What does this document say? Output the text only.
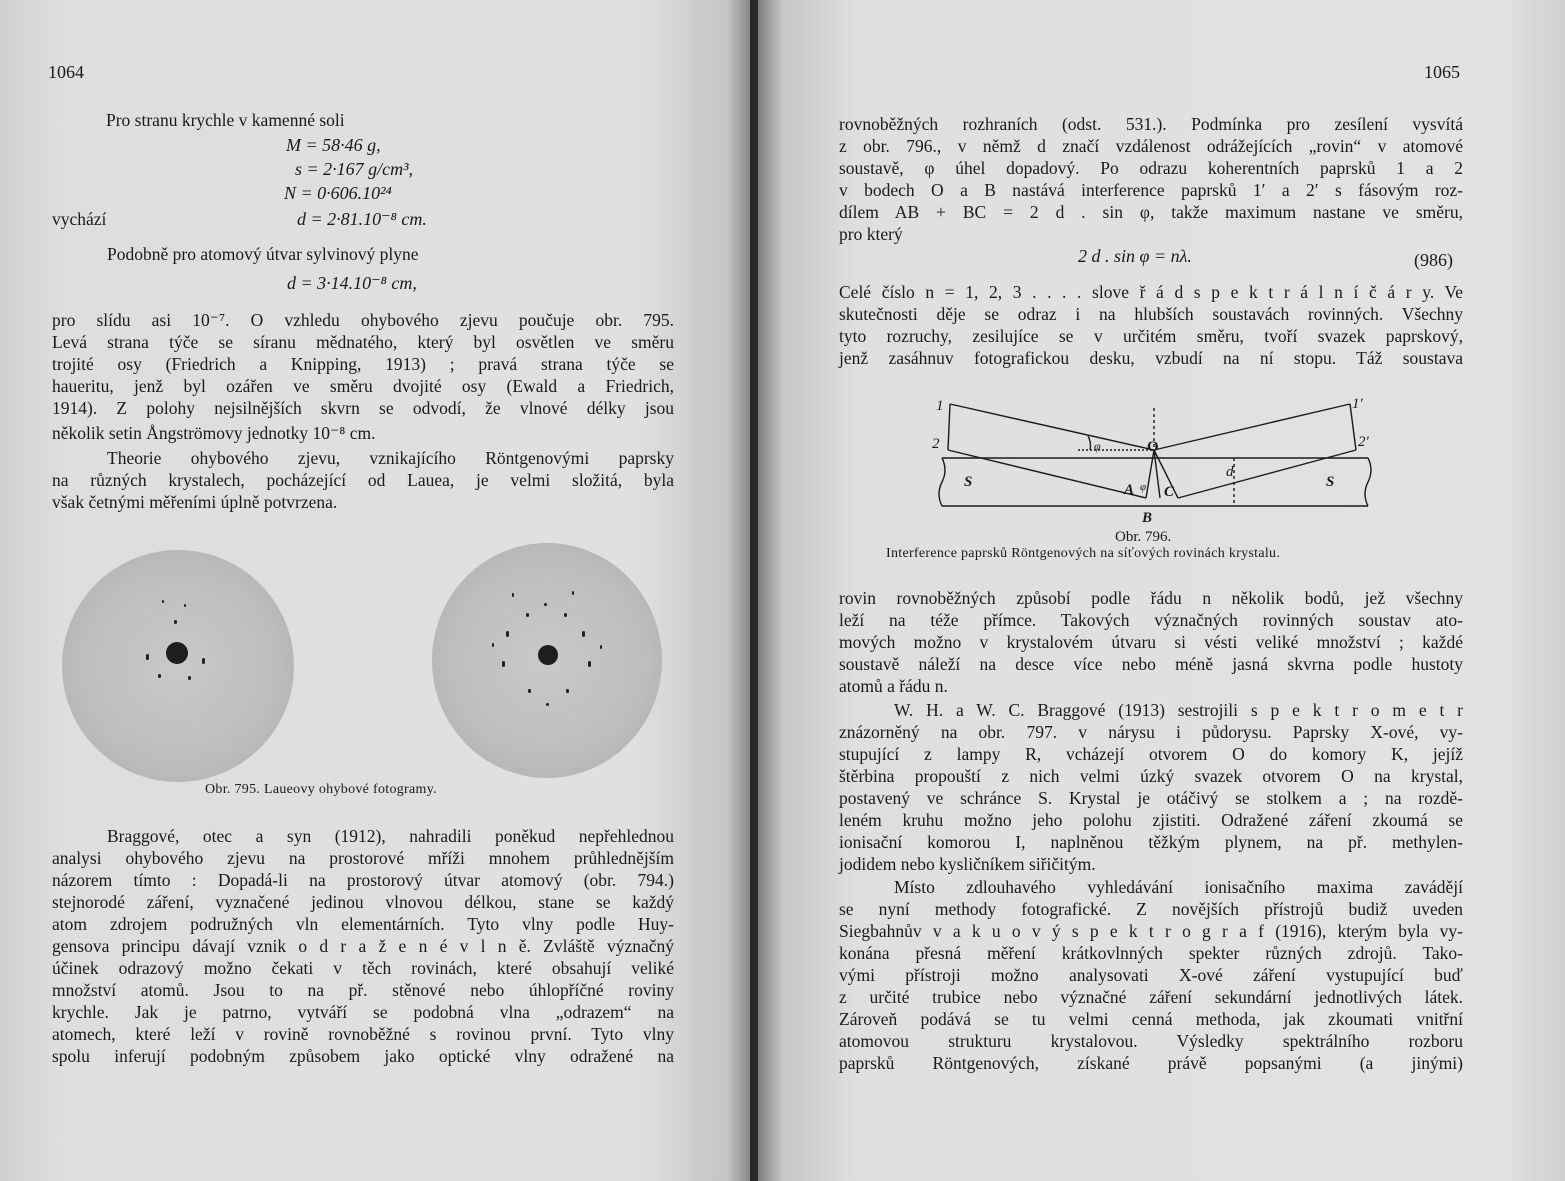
1064
Pro stranu krychle v kamenné soli
M = 58·46 g,
s = 2·167 g/cm³,
N = 0·606.10²⁴
vychází	d = 2·81.10⁻⁸ cm.
Podobně pro atomový útvar sylvinový plyne
d = 3·14.10⁻⁸ cm,
pro slídu asi 10⁻⁷. O vzhledu ohybového zjevu poučuje obr. 795.
Levá strana týče se síranu mědnatého, který byl osvětlen ve směru
trojité osy (Friedrich a Knipping, 1913) ; pravá strana týče se
haueritu, jenž byl ozářen ve směru dvojité osy (Ewald a Friedrich,
1914). Z polohy nejsilnějších skvrn se odvodí, že vlnové délky jsou
několik setin Ångströmovy jednotky 10⁻⁸ cm.
Theorie ohybového zjevu, vznikajícího Röntgenovými paprsky
na různých krystalech, pocházející od Lauea, je velmi složitá, byla
však četnými měřeními úplně potvrzena.
Obr. 795. Laueovy ohybové fotogramy.
Braggové, otec a syn (1912), nahradili poněkud nepřehlednou
analysi ohybového zjevu na prostorové mříži mnohem průhlednějším
názorem tímto : Dopadá-li na prostorový útvar atomový (obr. 794.)
stejnorodé záření, vyznačené jedinou vlnovou délkou, stane se každý
atom zdrojem podružných vln elementárních. Tyto vlny podle Huy-
gensova principu dávají vznik o d r a ž e n é v l n ě. Zvláště význačný
účinek odrazový možno čekati v těch rovinách, které obsahují veliké
množství atomů. Jsou to na př. stěnové nebo úhlopříčné roviny
krychle. Jak je patrno, vytváří se podobná vlna „odrazem“ na
atomech, které leží v rovině rovnoběžné s rovinou první. Tyto vlny
spolu inferují podobným způsobem jako optické vlny odražené na
1065
rovnoběžných rozhraních (odst. 531.). Podmínka pro zesílení vysvítá
z obr. 796., v němž d značí vzdálenost odrážejících „rovin“ v atomové
soustavě, φ úhel dopadový. Po odrazu koherentních paprsků 1 a 2
v bodech O a B nastává interference paprsků 1′ a 2′ s fásovým roz-
dílem AB + BC = 2 d . sin φ, takže maximum nastane ve směru,
pro který
2 d . sin φ = nλ.	(986)
Celé číslo n = 1, 2, 3 . . . . slove ř á d s p e k t r á l n í č á r y. Ve
skutečnosti děje se odraz i na hlubších soustavách rovinných. Všechny
tyto rozruchy, zesilujíce se v určitém směru, tvoří svazek paprskový,
jenž zasáhnuv fotografickou desku, vzbudí na ní stopu. Táž soustava
1
2
1′
2′
O
φ
d
S	S
A φ C
B
Obr. 796.
Interference paprsků Röntgenových na síťových rovinách krystalu.
rovin rovnoběžných způsobí podle řádu n několik bodů, jež všechny
leží na téže přímce. Takových význačných rovinných soustav ato-
mových možno v krystalovém útvaru si vésti veliké množství ; každé
soustavě náleží na desce více nebo méně jasná skvrna podle hustoty
atomů a řádu n.
W. H. a W. C. Braggové (1913) sestrojili s p e k t r o m e t r
znázorněný na obr. 797. v nárysu i půdorysu. Paprsky X-ové, vy-
stupující z lampy R, vcházejí otvorem O do komory K, jejíž
štěrbina propouští z nich velmi úzký svazek otvorem O na krystal,
postavený ve schránce S. Krystal je otáčivý se stolkem a ; na rozdě-
leném kruhu možno jeho polohu zjistiti. Odražené záření zkoumá se
ionisační komorou I, naplněnou těžkým plynem, na př. methylen-
jodidem nebo kysličníkem siřičitým.
Místo zdlouhavého vyhledávání ionisačního maxima zavádějí
se nyní methody fotografické. Z novějších přístrojů budiž uveden
Siegbahnův v a k u o v ý s p e k t r o g r a f (1916), kterým byla vy-
konána přesná měření krátkovlnných spekter různých zdrojů. Tako-
vými přístroji možno analysovati X-ové záření vystupující buď
z určité trubice nebo význačné záření sekundární jednotlivých látek.
Zároveň podává se tu velmi cenná methoda, jak zkoumati vnitřní
atomovou strukturu krystalovou. Výsledky spektrálního rozboru
paprsků Röntgenových, získané právě popsanými (a jinými)
